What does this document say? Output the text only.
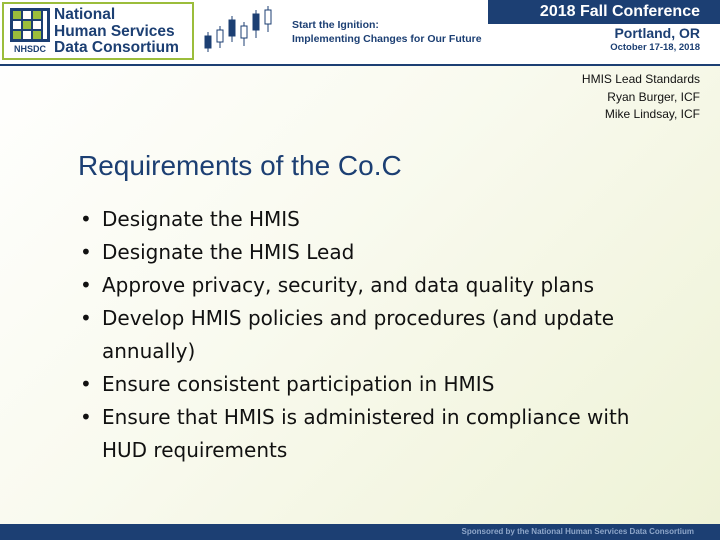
NHSDC
National
Human Services
Data Consortium
Start the Ignition:
Implementing Changes for Our Future
2018 Fall Conference
Portland, OR
October 17-18, 2018
HMIS Lead Standards
Ryan Burger, ICF
Mike Lindsay, ICF
Requirements of the Co.C
• Designate the HMIS
• Designate the HMIS Lead
• Approve privacy, security, and data quality plans
• Develop HMIS policies and procedures (and update annually)
• Ensure consistent participation in HMIS
• Ensure that HMIS is administered in compliance with HUD requirements
Sponsored by the National Human Services Data Consortium
